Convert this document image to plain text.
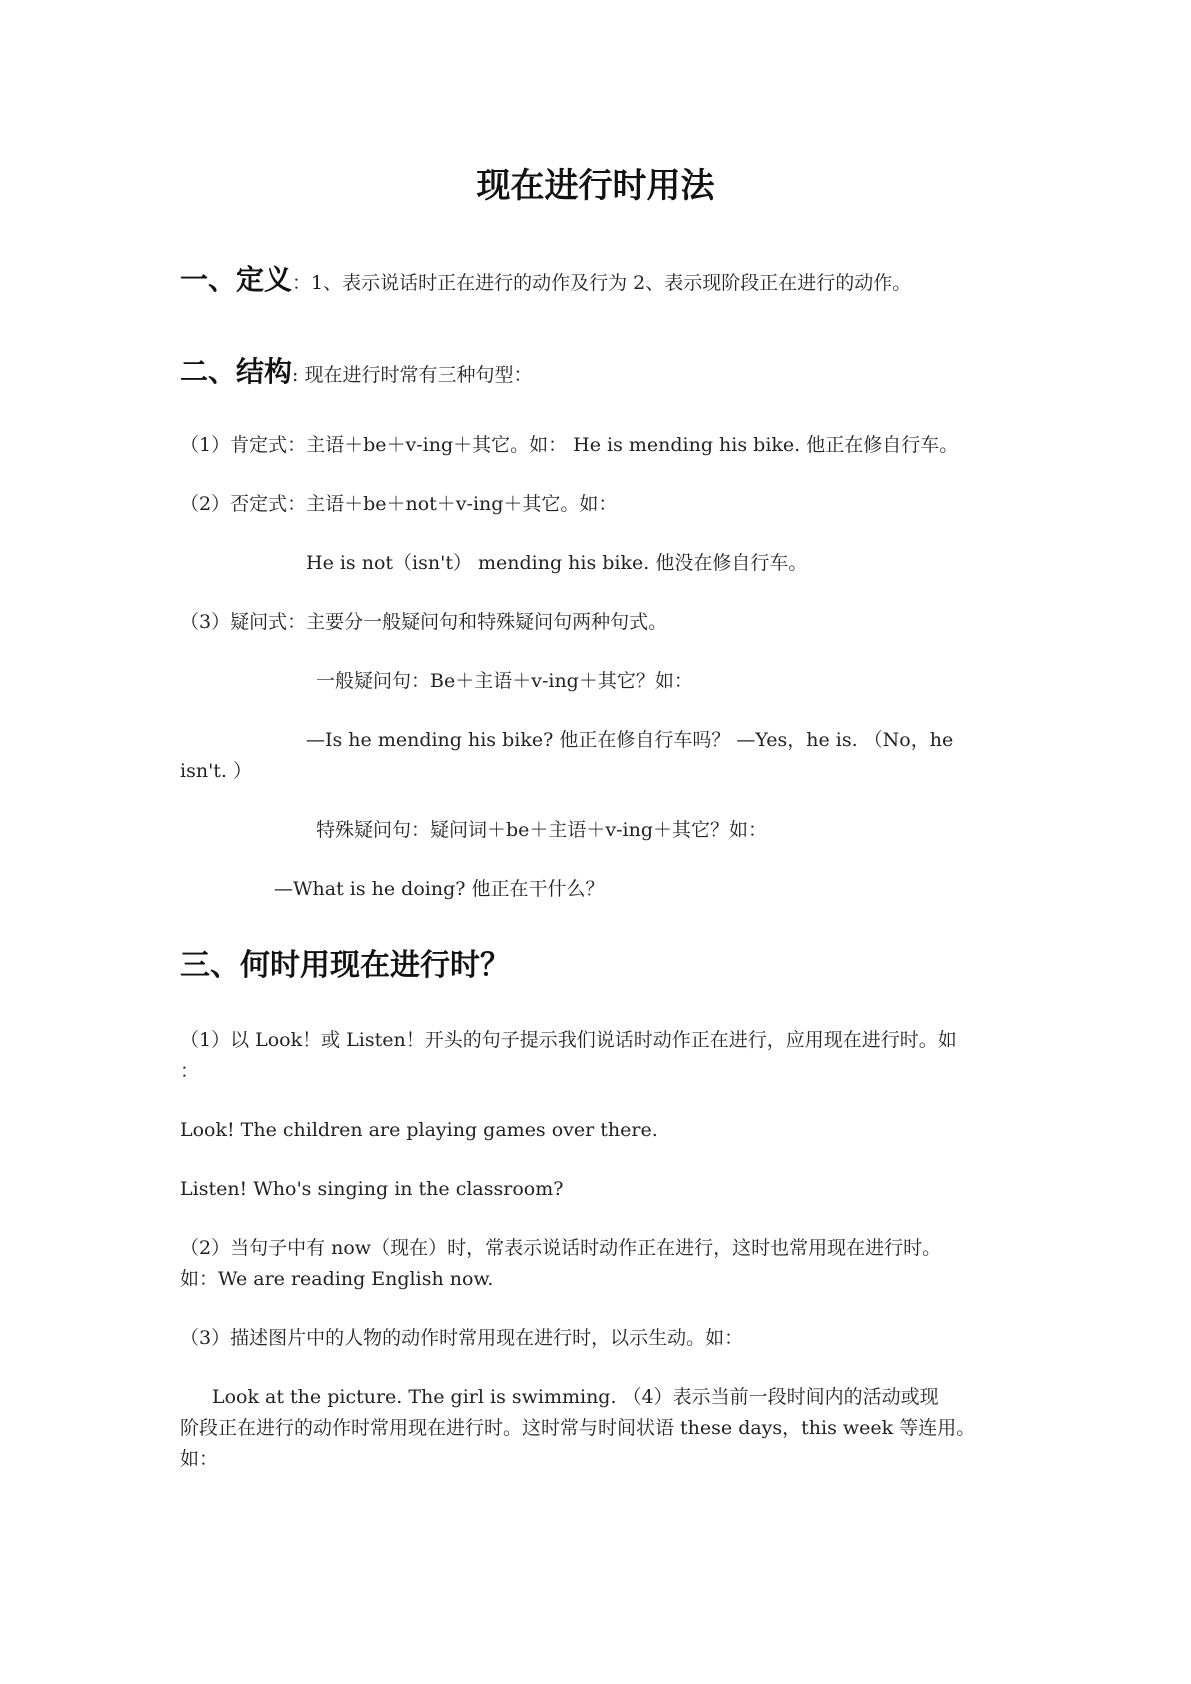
现在进行时用法
一、定义：1、表示说话时正在进行的动作及行为 2、表示现阶段正在进行的动作。
二、结构: 现在进行时常有三种句型：
（1）肯定式：主语＋be＋v-ing＋其它。如： He is mending his bike. 他正在修自行车。
（2）否定式：主语＋be＋not＋v-ing＋其它。如：
He is not（isn't） mending his bike. 他没在修自行车。
（3）疑问式：主要分一般疑问句和特殊疑问句两种句式。
一般疑问句：Be＋主语＋v-ing＋其它？如：
—Is he mending his bike? 他正在修自行车吗？ —Yes，he is. （No，he
isn't. ）
特殊疑问句：疑问词＋be＋主语＋v-ing＋其它？如：
—What is he doing? 他正在干什么？
三、何时用现在进行时？
（1）以 Look！或 Listen！开头的句子提示我们说话时动作正在进行，应用现在进行时。如
：
Look! The children are playing games over there.
Listen! Who's singing in the classroom?
（2）当句子中有 now（现在）时，常表示说话时动作正在进行，这时也常用现在进行时。
如：We are reading English now.
（3）描述图片中的人物的动作时常用现在进行时，以示生动。如：
Look at the picture. The girl is swimming. （4）表示当前一段时间内的活动或现
阶段正在进行的动作时常用现在进行时。这时常与时间状语 these days，this week 等连用。
如：
